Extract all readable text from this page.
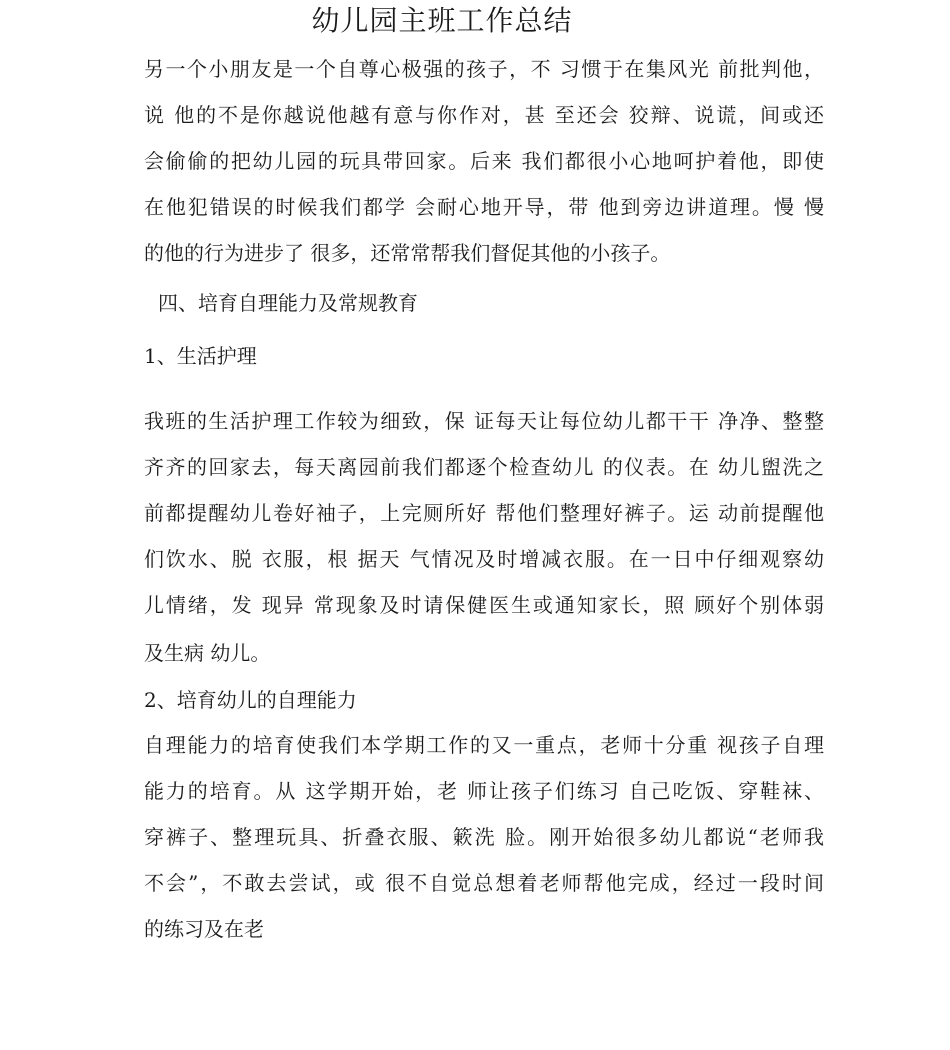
幼儿园主班工作总结
另一个小朋友是一个自尊心极强的孩子，不 习惯于在集风光 前批判他，
说 他的不是你越说他越有意与你作对，甚 至还会 狡辩、说谎，间或还
会偷偷的把幼儿园的玩具带回家。后来 我们都很小心地呵护着他，即使
在他犯错误的时候我们都学 会耐心地开导，带 他到旁边讲道理。慢 慢
的他的行为进步了 很多，还常常帮我们督促其他的小孩子。
四、培育自理能力及常规教育
1、生活护理
我班的生活护理工作较为细致，保 证每天让每位幼儿都干干 净净、整整
齐齐的回家去，每天离园前我们都逐个检查幼儿 的仪表。在 幼儿盥洗之
前都提醒幼儿卷好袖子，上完厕所好 帮他们整理好裤子。运 动前提醒他
们饮水、脱 衣服，根 据天 气情况及时增减衣服。在一日中仔细观察幼
儿情绪，发 现异 常现象及时请保健医生或通知家长，照 顾好个别体弱
及生病 幼儿。
2、培育幼儿的自理能力
自理能力的培育使我们本学期工作的又一重点，老师十分重 视孩子自理
能力的培育。从 这学期开始，老 师让孩子们练习 自己吃饭、穿鞋袜、
穿裤子、整理玩具、折叠衣服、簌洗 脸。刚开始很多幼儿都说“老师我
不会”，不敢去尝试，或 很不自觉总想着老师帮他完成，经过一段时间
的练习及在老
